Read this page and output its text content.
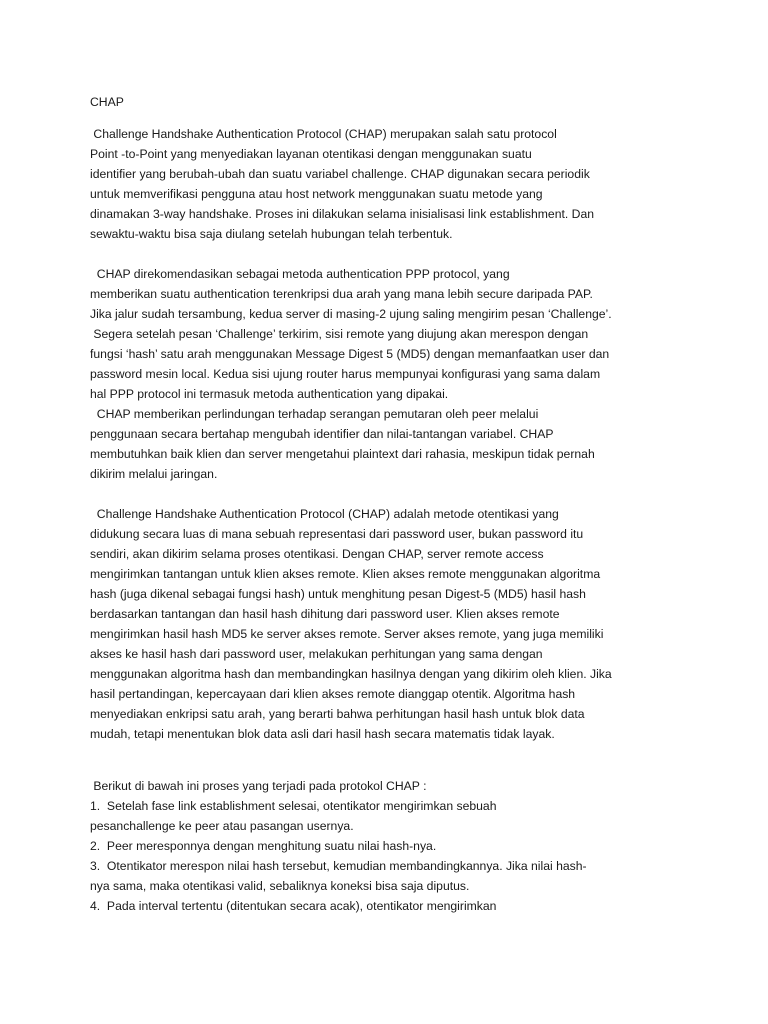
CHAP
Challenge Handshake Authentication Protocol (CHAP) merupakan salah satu protocol
Point -to-Point yang menyediakan layanan otentikasi dengan menggunakan suatu
identifier yang berubah-ubah dan suatu variabel challenge. CHAP digunakan secara periodik
untuk memverifikasi pengguna atau host network menggunakan suatu metode yang
dinamakan 3-way handshake. Proses ini dilakukan selama inisialisasi link establishment. Dan
sewaktu-waktu bisa saja diulang setelah hubungan telah terbentuk.
CHAP direkomendasikan sebagai metoda authentication PPP protocol, yang
memberikan suatu authentication terenkripsi dua arah yang mana lebih secure daripada PAP.
Jika jalur sudah tersambung, kedua server di masing-2 ujung saling mengirim pesan ‘Challenge’.
Segera setelah pesan ‘Challenge’ terkirim, sisi remote yang diujung akan merespon dengan
fungsi ‘hash’ satu arah menggunakan Message Digest 5 (MD5) dengan memanfaatkan user dan
password mesin local. Kedua sisi ujung router harus mempunyai konfigurasi yang sama dalam
hal PPP protocol ini termasuk metoda authentication yang dipakai.
CHAP memberikan perlindungan terhadap serangan pemutaran oleh peer melalui
penggunaan secara bertahap mengubah identifier dan nilai-tantangan variabel. CHAP
membutuhkan baik klien dan server mengetahui plaintext dari rahasia, meskipun tidak pernah
dikirim melalui jaringan.
Challenge Handshake Authentication Protocol (CHAP) adalah metode otentikasi yang
didukung secara luas di mana sebuah representasi dari password user, bukan password itu
sendiri, akan dikirim selama proses otentikasi. Dengan CHAP, server remote access
mengirimkan tantangan untuk klien akses remote. Klien akses remote menggunakan algoritma
hash (juga dikenal sebagai fungsi hash) untuk menghitung pesan Digest-5 (MD5) hasil hash
berdasarkan tantangan dan hasil hash dihitung dari password user. Klien akses remote
mengirimkan hasil hash MD5 ke server akses remote. Server akses remote, yang juga memiliki
akses ke hasil hash dari password user, melakukan perhitungan yang sama dengan
menggunakan algoritma hash dan membandingkan hasilnya dengan yang dikirim oleh klien. Jika
hasil pertandingan, kepercayaan dari klien akses remote dianggap otentik. Algoritma hash
menyediakan enkripsi satu arah, yang berarti bahwa perhitungan hasil hash untuk blok data
mudah, tetapi menentukan blok data asli dari hasil hash secara matematis tidak layak.
Berikut di bawah ini proses yang terjadi pada protokol CHAP :
1.  Setelah fase link establishment selesai, otentikator mengirimkan sebuah
pesanchallenge ke peer atau pasangan usernya.
2.  Peer meresponnya dengan menghitung suatu nilai hash-nya.
3.  Otentikator merespon nilai hash tersebut, kemudian membandingkannya. Jika nilai hash-
nya sama, maka otentikasi valid, sebaliknya koneksi bisa saja diputus.
4.  Pada interval tertentu (ditentukan secara acak), otentikator mengirimkan
